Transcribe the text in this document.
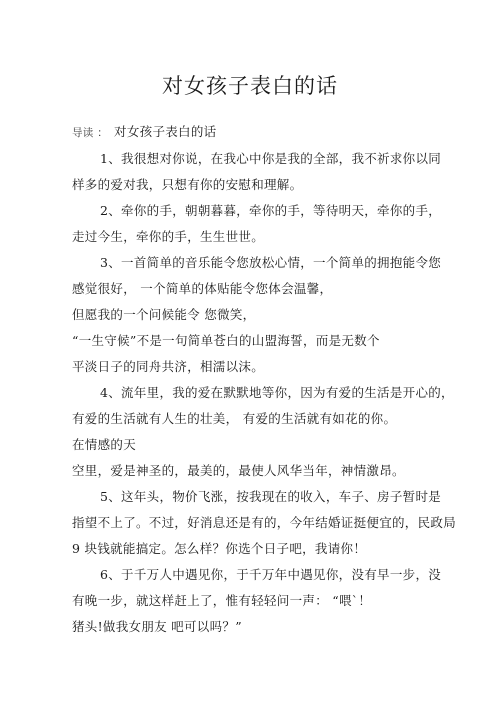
对女孩子表白的话
导读 ： 对女孩子表白的话
1、我很想对你说，在我心中你是我的全部，我不祈求你以同
样多的爱对我，只想有你的安慰和理解。
2、牵你的手，朝朝暮暮，牵你的手，等待明天，牵你的手，
走过今生，牵你的手，生生世世。
3、一首简单的音乐能令您放松心情，一个简单的拥抱能令您
感觉很好， 一个简单的体贴能令您体会温馨，
但愿我的一个问候能令 您微笑，
“一生守候”不是一句简单苍白的山盟海誓，而是无数个
平淡日子的同舟共济，相濡以沫。
4、流年里，我的爱在默默地等你，因为有爱的生活是开心的，
有爱的生活就有人生的壮美， 有爱的生活就有如花的你。
在情感的天
空里，爱是神圣的，最美的，最使人风华当年，神情激昂。
5、这年头，物价飞涨，按我现在的收入，车子、房子暂时是
指望不上了。不过，好消息还是有的，今年结婚证挺便宜的，民政局
9 块钱就能搞定。怎么样？你选个日子吧，我请你！
6、于千万人中遇见你，于千万年中遇见你，没有早一步，没
有晚一步，就这样赶上了，惟有轻轻问一声： “喂`！
猪头!做我女朋友 吧可以吗？”
